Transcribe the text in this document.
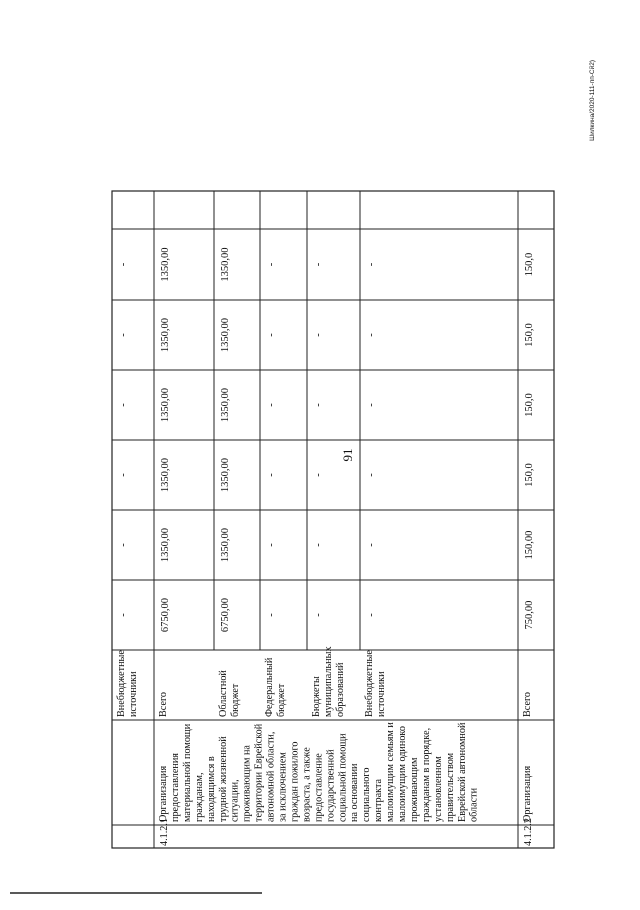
91
Шилкина/2020-111-пп-Сй2)
Внебюджетныеисточники
-
-
-
-
-
-
4.1.2.1
Организацияпредоставленияматериальной помощигражданам,находящимся втрудной жизненнойситуации,проживающим натерритории Еврейскойавтономной области,за исключениемграждан пожилоговозраста, а такжепредоставлениегосударственнойсоциальной помощина основаниисоциальногоконтрактамалоимущим семьям ималоимущим одинокопроживающимгражданам в порядке,установленномправительствомЕврейской автономнойобласти
Всего
6750,00
1350,00
1350,00
1350,00
1350,00
1350,00
Областнойбюджет
6750,00
1350,00
1350,00
1350,00
1350,00
1350,00
Федеральныйбюджет
-
-
-
-
-
-
Бюджетымуниципальныхобразований
-
-
-
-
-
-
Внебюджетныеисточники
-
-
-
-
-
-
4.1.2.2
Организация
Всего
750,00
150,00
150,0
150,0
150,0
150,0
